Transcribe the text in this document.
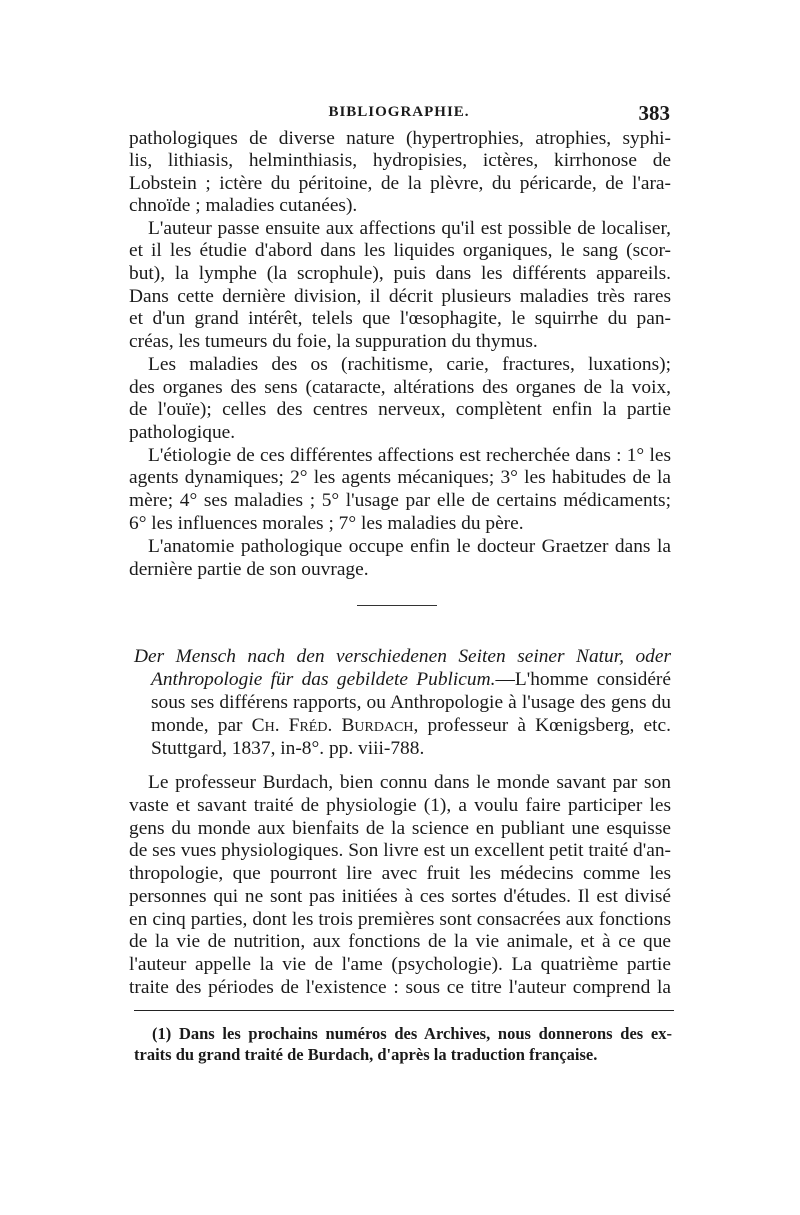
BIBLIOGRAPHIE.	383
pathologiques de diverse nature (hypertrophies, atrophies, syphi-
lis, lithiasis, helminthiasis, hydropisies, ictères, kirrhonose de
Lobstein ; ictère du péritoine, de la plèvre, du péricarde, de l'ara-
chnoïde ; maladies cutanées).
L'auteur passe ensuite aux affections qu'il est possible de localiser,
et il les étudie d'abord dans les liquides organiques, le sang (scor-
but), la lymphe (la scrophule), puis dans les différents appareils.
Dans cette dernière division, il décrit plusieurs maladies très rares
et d'un grand intérêt, telels que l'œsophagite, le squirrhe du pan-
créas, les tumeurs du foie, la suppuration du thymus.
Les maladies des os (rachitisme, carie, fractures, luxations);
des organes des sens (cataracte, altérations des organes de la voix,
de l'ouïe); celles des centres nerveux, complètent enfin la partie
pathologique.
L'étiologie de ces différentes affections est recherchée dans : 1° les
agents dynamiques; 2° les agents mécaniques; 3° les habitudes de la
mère; 4° ses maladies ; 5° l'usage par elle de certains médicaments;
6° les influences morales ; 7° les maladies du père.
L'anatomie pathologique occupe enfin le docteur Graetzer dans la
dernière partie de son ouvrage.
Der Mensch nach den verschiedenen Seiten seiner Natur, oder
Anthropologie für das gebildete Publicum.—L'homme considéré
sous ses différens rapports, ou Anthropologie à l'usage des gens du
monde, par Ch. Fréd. Burdach, professeur à Kœnigsberg, etc.
Stuttgard, 1837, in-8°. pp. viii-788.
Le professeur Burdach, bien connu dans le monde savant par son
vaste et savant traité de physiologie (1), a voulu faire participer les
gens du monde aux bienfaits de la science en publiant une esquisse
de ses vues physiologiques. Son livre est un excellent petit traité d'an-
thropologie, que pourront lire avec fruit les médecins comme les
personnes qui ne sont pas initiées à ces sortes d'études. Il est divisé
en cinq parties, dont les trois premières sont consacrées aux fonctions
de la vie de nutrition, aux fonctions de la vie animale, et à ce que
l'auteur appelle la vie de l'ame (psychologie). La quatrième partie
traite des périodes de l'existence : sous ce titre l'auteur comprend la
(1) Dans les prochains numéros des Archives, nous donnerons des ex-
traits du grand traité de Burdach, d'après la traduction française.
